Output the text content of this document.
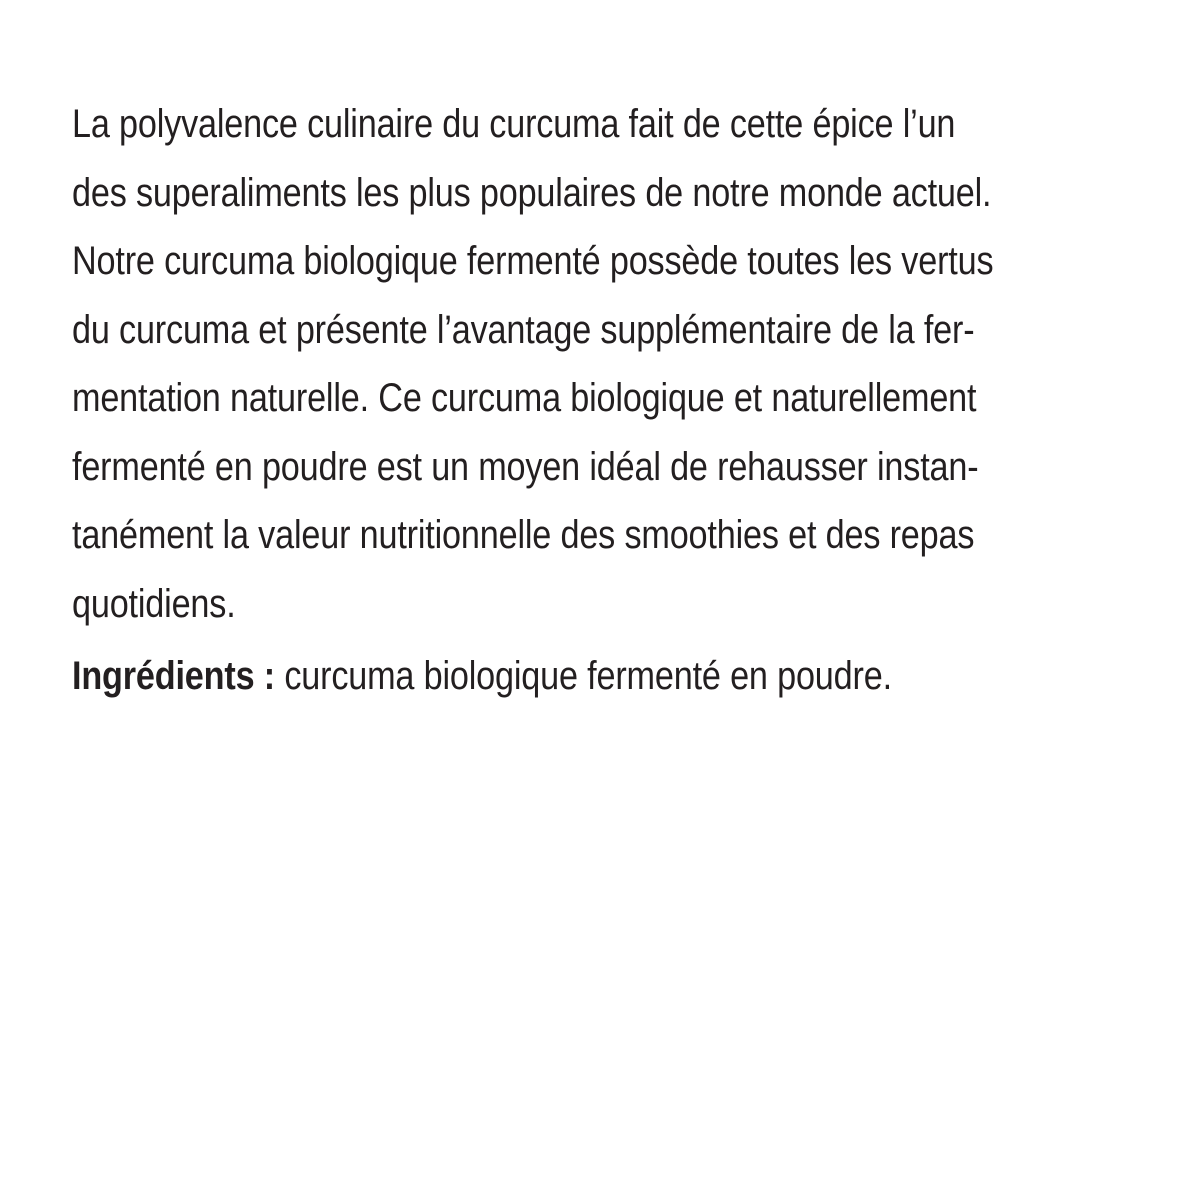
La polyvalence culinaire du curcuma fait de cette épice l’un
des superaliments les plus populaires de notre monde actuel.
Notre curcuma biologique fermenté possède toutes les vertus
du curcuma et présente l’avantage supplémentaire de la fer-
mentation naturelle. Ce curcuma biologique et naturellement
fermenté en poudre est un moyen idéal de rehausser instan-
tanément la valeur nutritionnelle des smoothies et des repas
quotidiens.
Ingrédients : curcuma biologique fermenté en poudre.
